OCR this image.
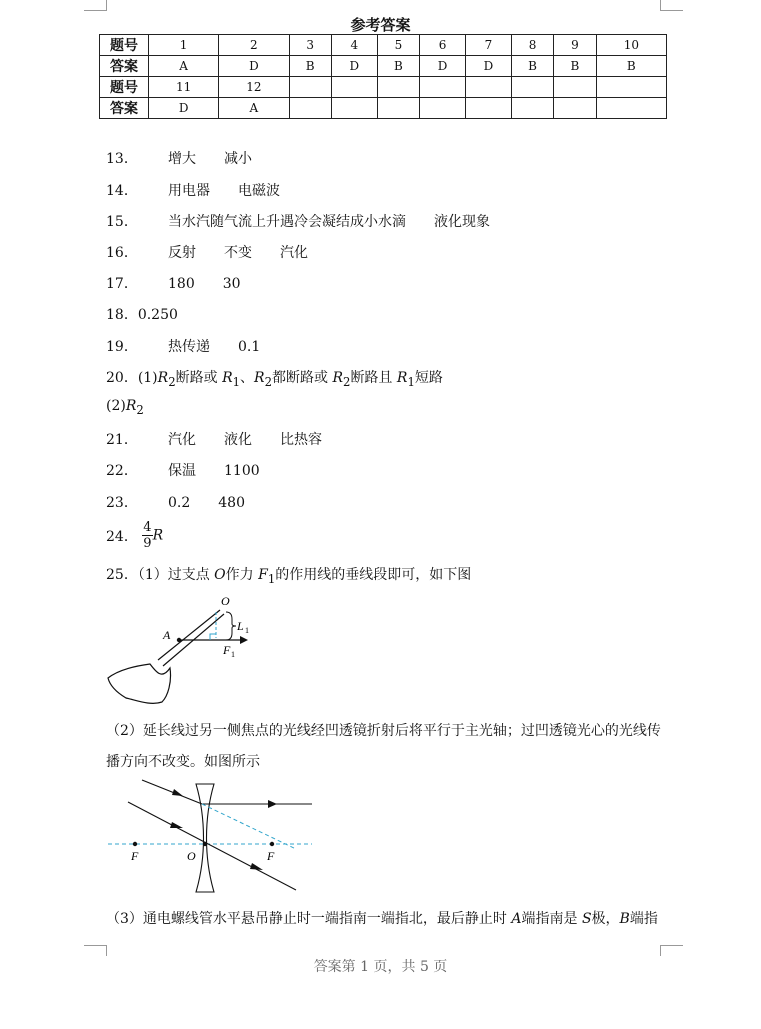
参考答案
题号	1	2	3	4	5	6	7	8	9	10
答案	A	D	B	D	B	D	D	B	B	B
题号	11	12								
答案	D	A								
13． 增大 减小
14． 用电器 电磁波
15． 当水汽随气流上升遇冷会凝结成小水滴 液化现象
16． 反射 不变 汽化
17． 180 30
18．0.250
19． 热传递 0.1
20．$(1)R_2$断路或 $R_1$、$R_2$都断路或 $R_2$断路且 $R_1$短路
$(2)R_2$
21． 汽化 液化 比热容
22． 保温 1100
23． 0.2 480
24． $\frac{4}{9}$ R
25．（1）过支点 O作力 $F_1$的作用线的垂线段即可，如下图
O
A
L 1
F 1
（2）延长线过另一侧焦点的光线经凹透镜折射后将平行于主光轴；过凹透镜光心的光线传播方向不改变。如图所示
F	O	F
（3）通电螺线管水平悬吊静止时一端指南一端指北，最后静止时 A端指南是 S极，B端指
答案第 1 页，共 5 页
